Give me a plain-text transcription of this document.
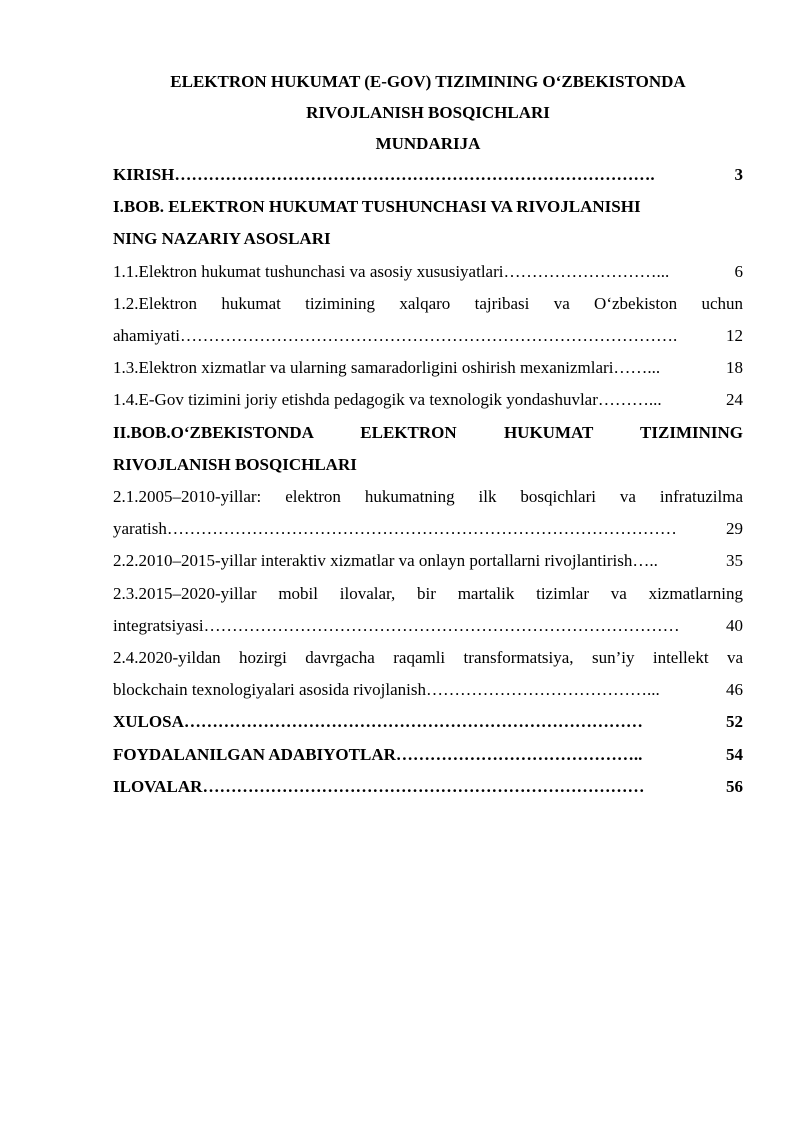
ELEKTRON HUKUMAT (E-GOV) TIZIMINING O‘ZBEKISTONDA
RIVOJLANISH BOSQICHLARI
MUNDARIJA
KIRISH ………………………………………………………………………….	3
I.BOB. ELEKTRON HUKUMAT TUSHUNCHASI VA RIVOJLANISHI
NING NAZARIY ASOSLARI
1.1.Elektron hukumat tushunchasi va asosiy xususiyatlari ………………………...	6
1.2.Elektron hukumat tizimining xalqaro tajribasi va O‘zbekiston uchun
ahamiyati …………………………………………………………………………….	12
1.3.Elektron xizmatlar va ularning samaradorligini oshirish mexanizmlari ……...	18
1.4.E-Gov tizimini joriy etishda pedagogik va texnologik yondashuvlar ………...	24
II.BOB.O‘ZBEKISTONDA ELEKTRON HUKUMAT TIZIMINING
RIVOJLANISH BOSQICHLARI
2.1.2005–2010-yillar: elektron hukumatning ilk bosqichlari va infratuzilma
yaratish ………………………………………………………………………………	29
2.2.2010–2015-yillar interaktiv xizmatlar va onlayn portallarni rivojlantirish …..	35
2.3.2015–2020-yillar mobil ilovalar, bir martalik tizimlar va xizmatlarning
integratsiyasi …………………………………………………………………………	40
2.4.2020-yildan hozirgi davrgacha raqamli transformatsiya, sun’iy intellekt va
blockchain texnologiyalari asosida rivojlanish …………………………………...	46
XULOSA ………………………………………………………………………	52
FOYDALANILGAN ADABIYOTLAR ……………………………………..	54
ILOVALAR ……………………………………………………………………	56
